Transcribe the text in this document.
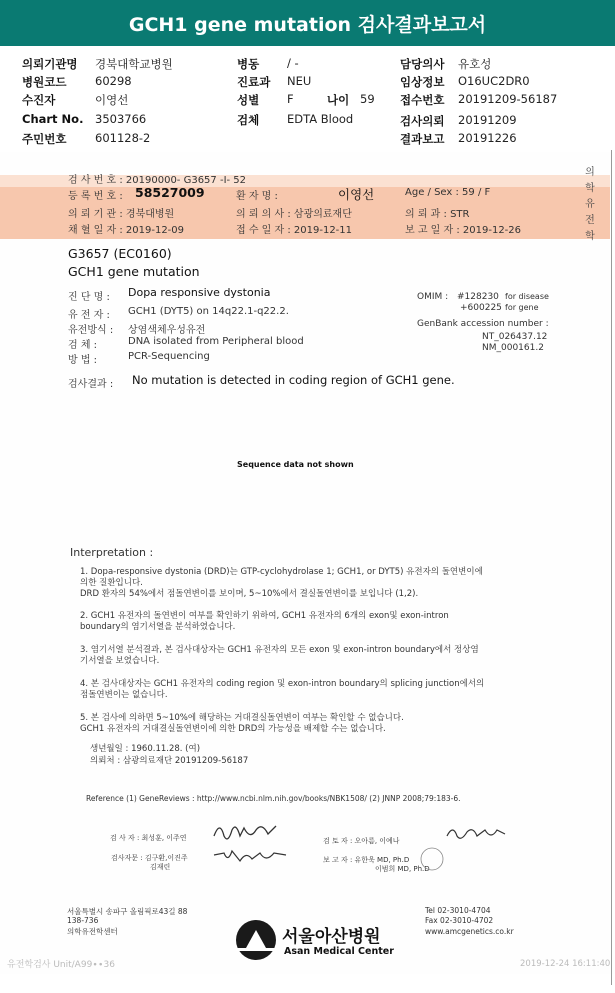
GCH1 gene mutation 검사결과보고서
의뢰기관명 경북대학교병원
병원코드 60298
수진자	이영선
Chart No. 3503766
주민번호 601128-2
병동 / -
진료과 NEU
성별 F	나이 59
검체 EDTA Blood
담당의사 유호성
임상정보 O16UC2DR0
접수번호 20191209-56187
검사의뢰 20191209
결과보고 20191226
검 사 번 호 : 20190000- G3657 -I- 52
등 록 번 호 : 58527009	환 자 명 :	이영선	Age / Sex : 59 / F
의 뢰 기 관 : 경북대병원	의 뢰 의 사 : 삼광의료재단	의 뢰 과 : STR
채 혈 일 자 : 2019-12-09	접 수 일 자 : 2019-12-11	보 고 일 자 : 2019-12-26
의
학
유
전
학
G3657 (EC0160)
GCH1 gene mutation
진 단 명 : Dopa responsive dystonia
유 전 자 : GCH1 (DYT5) on 14q22.1-q22.2.
유전방식 : 상염색체우성유전
검 체 :	DNA isolated from Peripheral blood
방 법 :	PCR-Sequencing
OMIM : #128230 for disease
+600225 for gene
GenBank accession number :
NT_026437.12
NM_000161.2
검사결과 : No mutation is detected in coding region of GCH1 gene.
Sequence data not shown
Interpretation :
1. Dopa-responsive dystonia (DRD)는 GTP-cyclohydrolase 1; GCH1, or DYT5) 유전자의 돌연변이에
의한 질환입니다.
DRD 환자의 54%에서 점돌연변이를 보이며, 5~10%에서 결실돌연변이를 보입니다 (1,2).
2. GCH1 유전자의 돌연변이 여부를 확인하기 위하여, GCH1 유전자의 6개의 exon및 exon-intron
boundary의 염기서열을 분석하였습니다.
3. 염기서열 분석결과, 본 검사대상자는 GCH1 유전자의 모든 exon 및 exon-intron boundary에서 정상염
기서열을 보였습니다.
4. 본 검사대상자는 GCH1 유전자의 coding region 및 exon-intron boundary의 splicing junction에서의
점돌연변이는 없습니다.
5. 본 검사에 의하면 5~10%에 해당하는 거대결실돌연변이 여부는 확인할 수 없습니다.
GCH1 유전자의 거대결실돌연변이에 의한 DRD의 가능성을 배제할 수는 없습니다.
생년월일 : 1960.11.28. (여)
의뢰처 : 삼광의료재단 20191209-56187
Reference (1) GeneReviews : http://www.ncbi.nlm.nih.gov/books/NBK1508/ (2) JNNP 2008;79:183-6.
검 사 자 : 최성훈, 이주연	검 토 자 : 오아름, 이예나
검사자문 : 김구환,이진주
김재린
보 고 자 : 유한욱 MD, Ph.D
이범희 MD, Ph.D
서울특별시 송파구 올림픽로43길 88
138-736
의학유전학센터	서울아산병원
Asan Medical Center
Tel 02-3010-4704
Fax 02-3010-4702
www.amcgenetics.co.kr
유전학검사 Unit/A99∙∙36	2019-12-24 16:11:40
